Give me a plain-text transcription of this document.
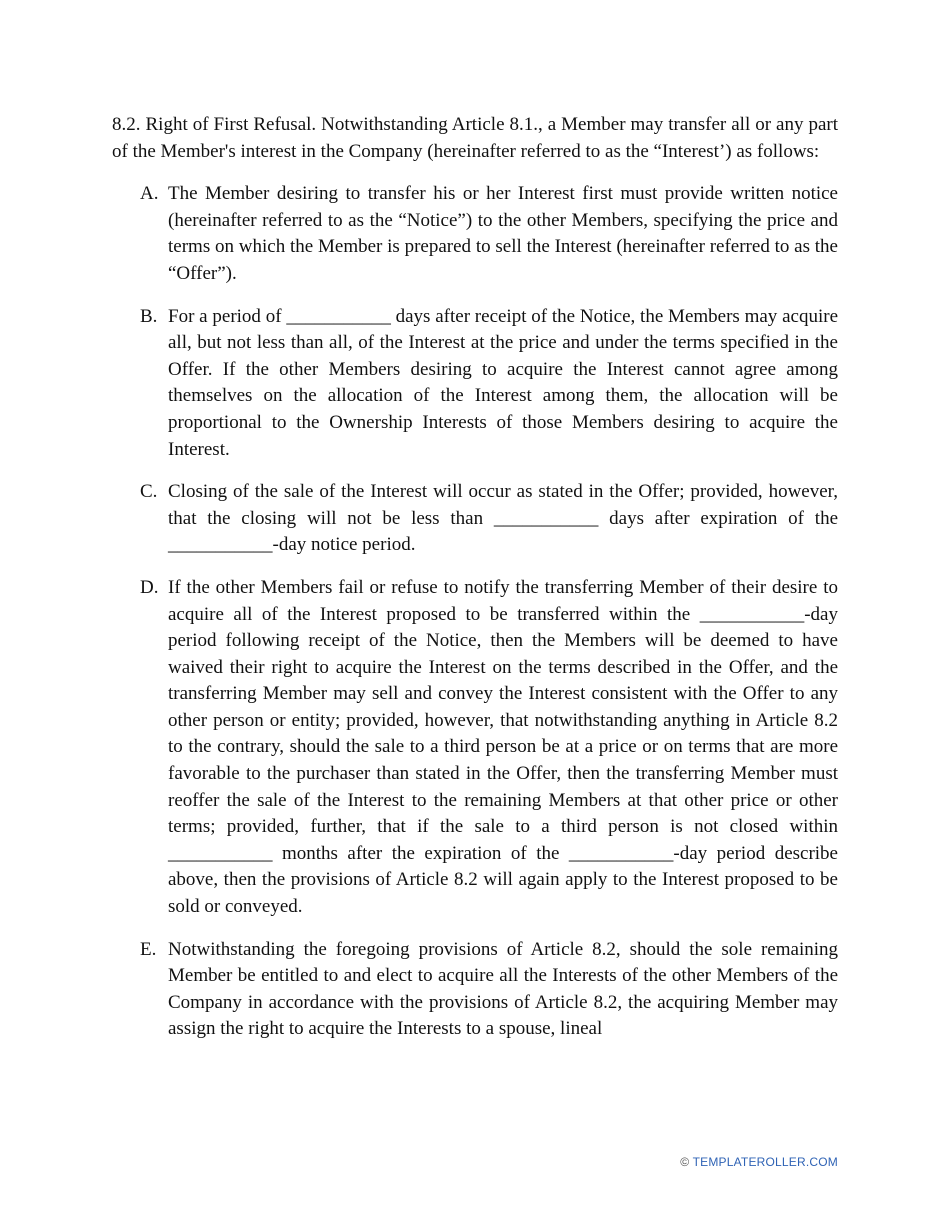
8.2. Right of First Refusal. Notwithstanding Article 8.1., a Member may transfer all or any part of the Member's interest in the Company (hereinafter referred to as the “Interest’) as follows:

A. The Member desiring to transfer his or her Interest first must provide written notice (hereinafter referred to as the “Notice”) to the other Members, specifying the price and terms on which the Member is prepared to sell the Interest (hereinafter referred to as the “Offer”).
B. For a period of ___________ days after receipt of the Notice, the Members may acquire all, but not less than all, of the Interest at the price and under the terms specified in the Offer. If the other Members desiring to acquire the Interest cannot agree among themselves on the allocation of the Interest among them, the allocation will be proportional to the Ownership Interests of those Members desiring to acquire the Interest.
C. Closing of the sale of the Interest will occur as stated in the Offer; provided, however, that the closing will not be less than ___________ days after expiration of the ___________-day notice period.
D. If the other Members fail or refuse to notify the transferring Member of their desire to acquire all of the Interest proposed to be transferred within the ___________-day period following receipt of the Notice, then the Members will be deemed to have waived their right to acquire the Interest on the terms described in the Offer, and the transferring Member may sell and convey the Interest consistent with the Offer to any other person or entity; provided, however, that notwithstanding anything in Article 8.2 to the contrary, should the sale to a third person be at a price or on terms that are more favorable to the purchaser than stated in the Offer, then the transferring Member must reoffer the sale of the Interest to the remaining Members at that other price or other terms; provided, further, that if the sale to a third person is not closed within ___________ months after the expiration of the ___________-day period describe above, then the provisions of Article 8.2 will again apply to the Interest proposed to be sold or conveyed.
E. Notwithstanding the foregoing provisions of Article 8.2, should the sole remaining Member be entitled to and elect to acquire all the Interests of the other Members of the Company in accordance with the provisions of Article 8.2, the acquiring Member may assign the right to acquire the Interests to a spouse, lineal
© TEMPLATEROLLER.COM
